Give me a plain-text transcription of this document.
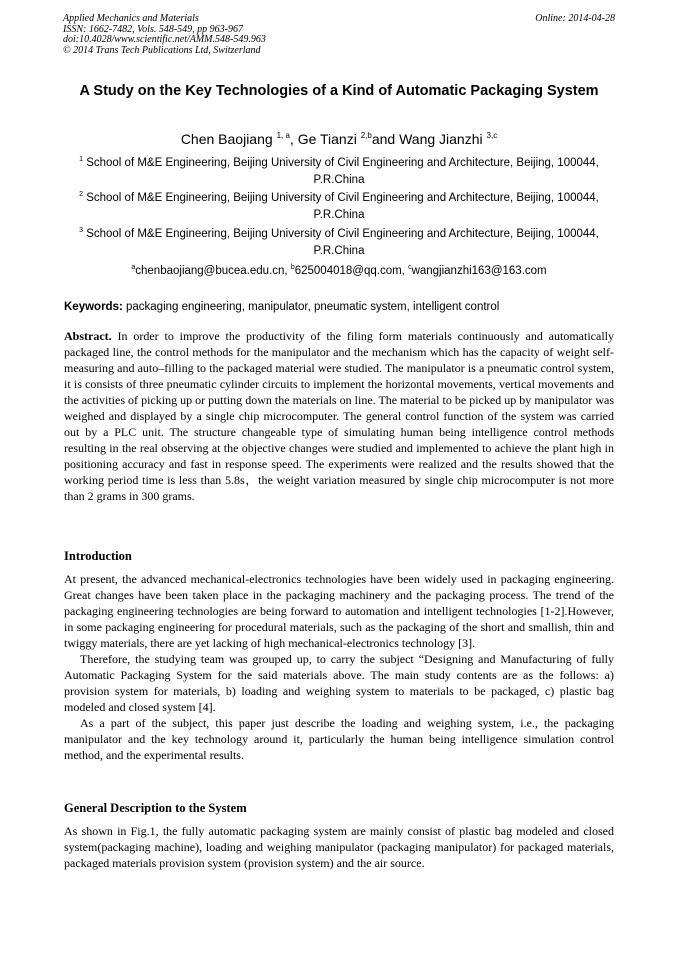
Applied Mechanics and Materials
ISSN: 1662-7482, Vols. 548-549, pp 963-967
doi:10.4028/www.scientific.net/AMM.548-549.963
© 2014 Trans Tech Publications Ltd, Switzerland
Online: 2014-04-28
A Study on the Key Technologies of a Kind of Automatic Packaging System
Chen Baojiang $^{1, a}$, Ge Tianzi $^{2,b}$and Wang Jianzhi $^{3,c}$
$^1$ School of M&E Engineering, Beijing University of Civil Engineering and Architecture, Beijing, 100044, P.R.China
$^2$ School of M&E Engineering, Beijing University of Civil Engineering and Architecture, Beijing, 100044, P.R.China
$^3$ School of M&E Engineering, Beijing University of Civil Engineering and Architecture, Beijing, 100044, P.R.China
$^a$chenbaojiang@bucea.edu.cn, $^b$625004018@qq.com, $^c$wangjianzhi163@163.com
Keywords: packaging engineering, manipulator, pneumatic system, intelligent control

Abstract. In order to improve the productivity of the filing form materials continuously and automatically packaged line, the control methods for the manipulator and the mechanism which has the capacity of weight self-measuring and auto–filling to the packaged material were studied. The manipulator is a pneumatic control system, it is consists of three pneumatic cylinder circuits to implement the horizontal movements, vertical movements and the activities of picking up or putting down the materials on line. The material to be picked up by manipulator was weighed and displayed by a single chip microcomputer. The general control function of the system was carried out by a PLC unit. The structure changeable type of simulating human being intelligence control methods resulting in the real observing at the objective changes were studied and implemented to achieve the plant high in positioning accuracy and fast in response speed. The experiments were realized and the results showed that the working period time is less than 5.8s，the weight variation measured by single chip microcomputer is not more than 2 grams in 300 grams.

Introduction

At present, the advanced mechanical-electronics technologies have been widely used in packaging engineering. Great changes have been taken place in the packaging machinery and the packaging process. The trend of the packaging engineering technologies are being forward to automation and intelligent technologies [1-2].However, in some packaging engineering for procedural materials, such as the packaging of the short and smallish, thin and twiggy materials, there are yet lacking of high mechanical-electronics technology [3].

Therefore, the studying team was grouped up, to carry the subject “Designing and Manufacturing of fully Automatic Packaging System for the said materials above. The main study contents are as the follows: a) provision system for materials, b) loading and weighing system to materials to be packaged, c) plastic bag modeled and closed system [4].

As a part of the subject, this paper just describe the loading and weighing system, i.e., the packaging manipulator and the key technology around it, particularly the human being intelligence simulation control method, and the experimental results.

General Description to the System

As shown in Fig.1, the fully automatic packaging system are mainly consist of plastic bag modeled and closed system(packaging machine), loading and weighing manipulator (packaging manipulator) for packaged materials, packaged materials provision system (provision system) and the air source.
